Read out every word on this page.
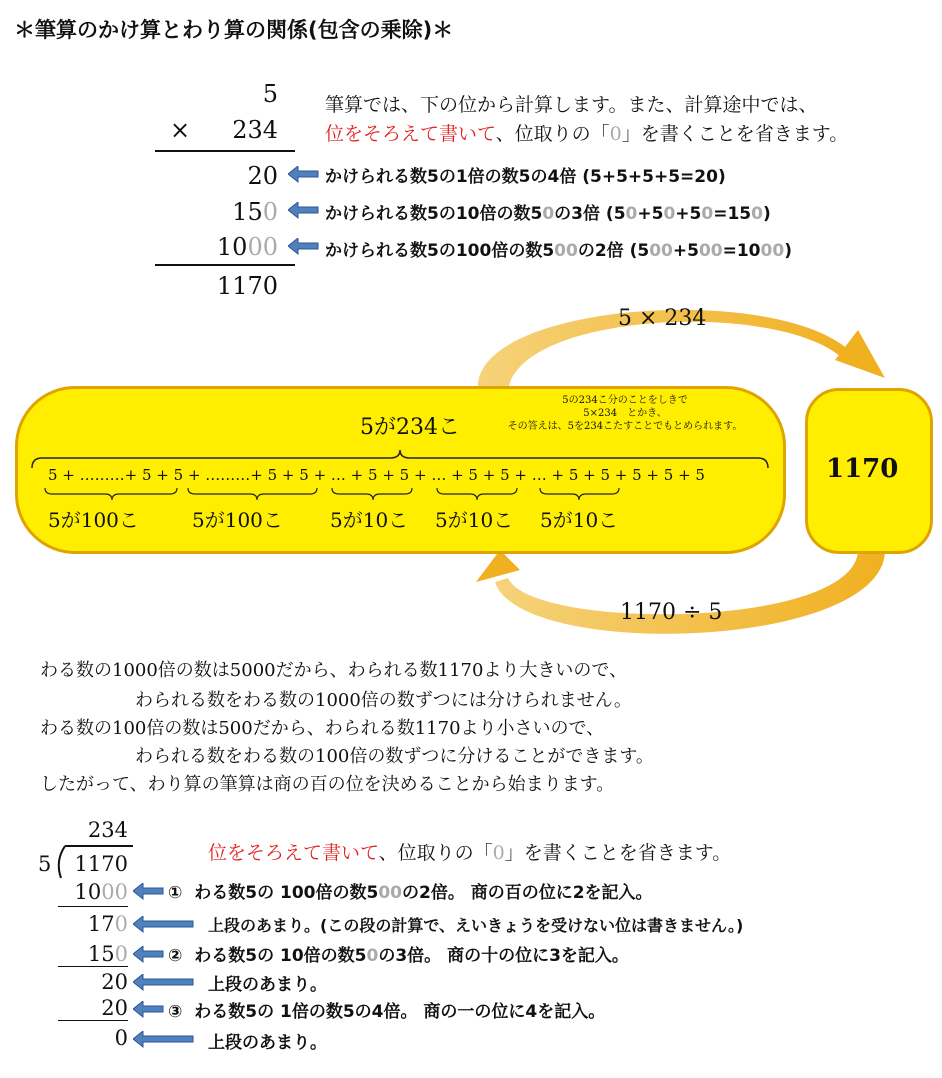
＊筆算のかけ算とわり算の関係(包含の乗除)＊
5
×	234
20
150
1000
1170
筆算では、下の位から計算します。また、計算途中では、
位をそろえて書いて、位取りの「0」を書くことを省きます。
かけられる数5の1倍の数5の4倍 (5+5+5+5=20)
かけられる数5の10倍の数50の3倍 (50+50+50=150)
かけられる数5の100倍の数500の2倍 (500+500=1000)
5 × 234
1170 ÷ 5
5が234こ
5の234こ分のことをしきで
5×234　とかき、
その答えは、5を234こたすことでもとめられます。
5 + ………+ 5 + 5 + ………+ 5 + 5 + … + 5 + 5 + … + 5 + 5 + … + 5 + 5 + 5 + 5 + 5
5が100こ	5が100こ 5が10こ 5が10こ 5が10こ
1170
わる数の1000倍の数は5000だから、わられる数1170より大きいので、
わられる数をわる数の1000倍の数ずつには分けられません。
わる数の100倍の数は500だから、わられる数1170より小さいので、
わられる数をわる数の100倍の数ずつに分けることができます。
したがって、わり算の筆算は商の百の位を決めることから始まります。
234
5	1170
1000
170
150
20
20
0
位をそろえて書いて、位取りの「0」を書くことを省きます。
① わる数5の 100倍の数500の2倍。 商の百の位に2を記入。
上段のあまり。(この段の計算で、えいきょうを受けない位は書きません。)
② わる数5の 10倍の数50の3倍。 商の十の位に3を記入。
上段のあまり。
③ わる数5の 1倍の数5の4倍。 商の一の位に4を記入。
上段のあまり。
